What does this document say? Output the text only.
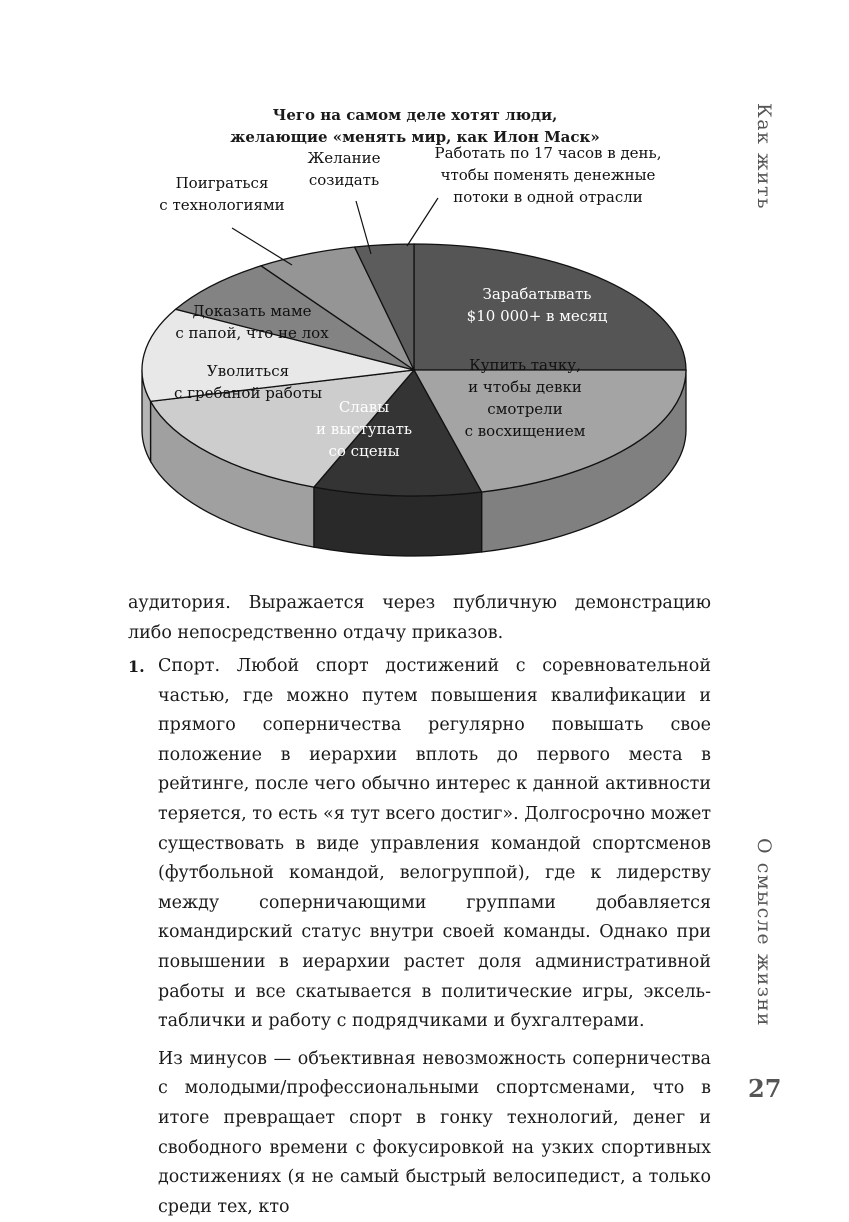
Чего на самом деле хотят люди,
желающие «менять мир, как Илон Маск»
Зарабатывать $10 000+ в месяц
Купить тачку, и чтобы девки смотрели с восхищением
Славы и выступать со сцены
Уволиться с гребаной работы
Доказать маме с папой, что не лох
Поиграться с технологиями
Желание созидать
Работать по 17 часов в день, чтобы поменять денежные потоки в одной отрасли
аудитория. Выражается через публичную демонстрацию либо непосредственно отдачу приказов.
1. Спорт. Любой спорт достижений с соревновательной частью, где можно путем повышения квалификации и прямого соперничества регулярно повышать свое положение в иерархии вплоть до первого места в рейтинге, после чего обычно интерес к данной активности теряется, то есть «я тут всего достиг». Долгосрочно может существовать в виде управления командой спортсменов (футбольной командой, велогруппой), где к лидерству между соперничающими группами добавляется командирский статус внутри своей команды. Однако при повышении в иерархии растет доля административной работы и все скатывается в политические игры, эксель-таблички и работу с подрядчиками и бухгалтерами.
Из минусов — объективная невозможность соперничества с молодыми/профессиональными спортсменами, что в итоге превращает спорт в гонку технологий, денег и свободного времени с фокусировкой на узких спортивных достижениях (я не самый быстрый велосипедист, а только среди тех, кто
Как жить
О смысле жизни
27
